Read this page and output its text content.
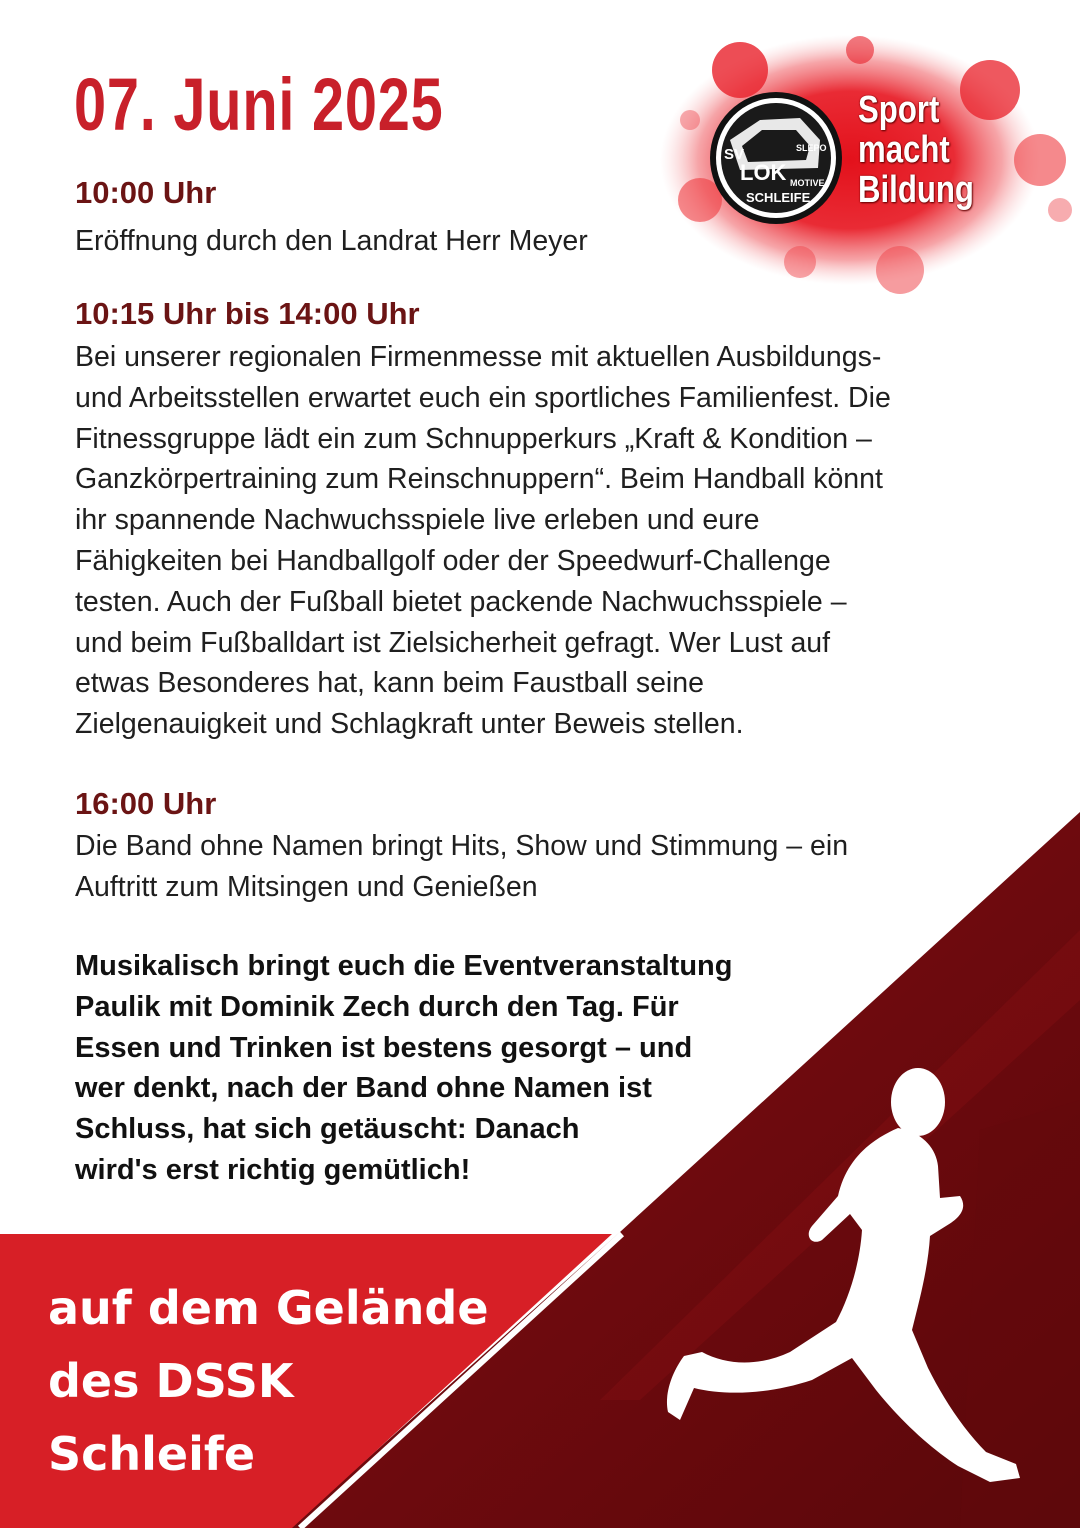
07. Juni 2025
SV
LOK
SLEPO
MOTIVE
SCHLEIFE
Sport
macht
Bildung
10:00 Uhr
Eröffnung durch den Landrat Herr Meyer
10:15 Uhr bis 14:00 Uhr
Bei unserer regionalen Firmenmesse mit aktuellen Ausbildungs-
und Arbeitsstellen erwartet euch ein sportliches Familienfest. Die
Fitnessgruppe lädt ein zum Schnupperkurs „Kraft & Kondition –
Ganzkörpertraining zum Reinschnuppern“. Beim Handball könnt
ihr spannende Nachwuchsspiele live erleben und eure
Fähigkeiten bei Handballgolf oder der Speedwurf-Challenge
testen. Auch der Fußball bietet packende Nachwuchsspiele –
und beim Fußballdart ist Zielsicherheit gefragt. Wer Lust auf
etwas Besonderes hat, kann beim Faustball seine
Zielgenauigkeit und Schlagkraft unter Beweis stellen.
16:00 Uhr
Die Band ohne Namen bringt Hits, Show und Stimmung – ein
Auftritt zum Mitsingen und Genießen
Musikalisch bringt euch die Eventveranstaltung
Paulik mit Dominik Zech durch den Tag. Für
Essen und Trinken ist bestens gesorgt – und
wer denkt, nach der Band ohne Namen ist
Schluss, hat sich getäuscht: Danach
wird's erst richtig gemütlich!
auf dem Gelände
des DSSK
Schleife
